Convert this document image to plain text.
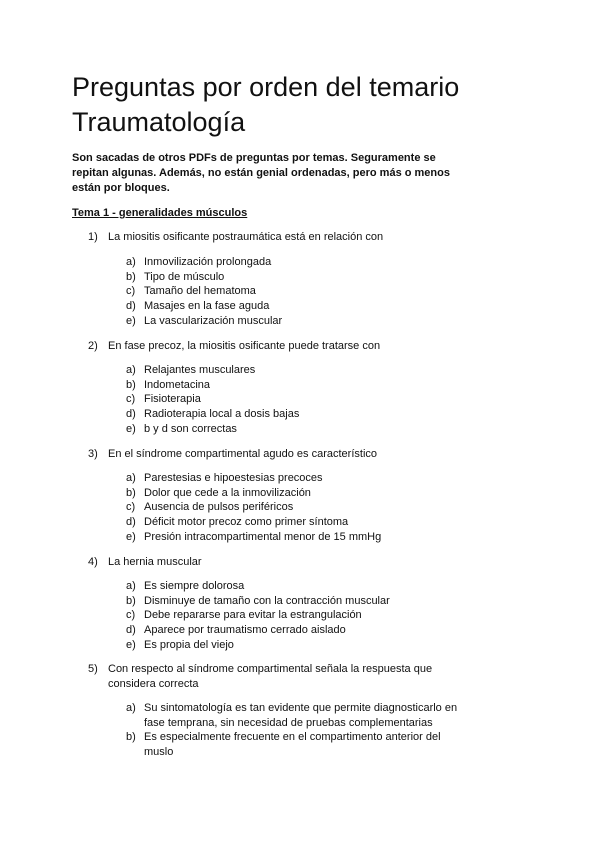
Preguntas por orden del temario
Traumatología

Son sacadas de otros PDFs de preguntas por temas. Seguramente se repitan algunas. Además, no están genial ordenadas, pero más o menos están por bloques.

Tema 1 - generalidades músculos

1) La miositis osificante postraumática está en relación con
a) Inmovilización prolongada
b) Tipo de músculo
c) Tamaño del hematoma
d) Masajes en la fase aguda
e) La vascularización muscular
2) En fase precoz, la miositis osificante puede tratarse con
a) Relajantes musculares
b) Indometacina
c) Fisioterapia
d) Radioterapia local a dosis bajas
e) b y d son correctas
3) En el síndrome compartimental agudo es característico
a) Parestesias e hipoestesias precoces
b) Dolor que cede a la inmovilización
c) Ausencia de pulsos periféricos
d) Déficit motor precoz como primer síntoma
e) Presión intracompartimental menor de 15 mmHg
4) La hernia muscular
a) Es siempre dolorosa
b) Disminuye de tamaño con la contracción muscular
c) Debe repararse para evitar la estrangulación
d) Aparece por traumatismo cerrado aislado
e) Es propia del viejo
5) Con respecto al síndrome compartimental señala la respuesta que considera correcta
a) Su sintomatología es tan evidente que permite diagnosticarlo en fase temprana, sin necesidad de pruebas complementarias
b) Es especialmente frecuente en el compartimento anterior del muslo
